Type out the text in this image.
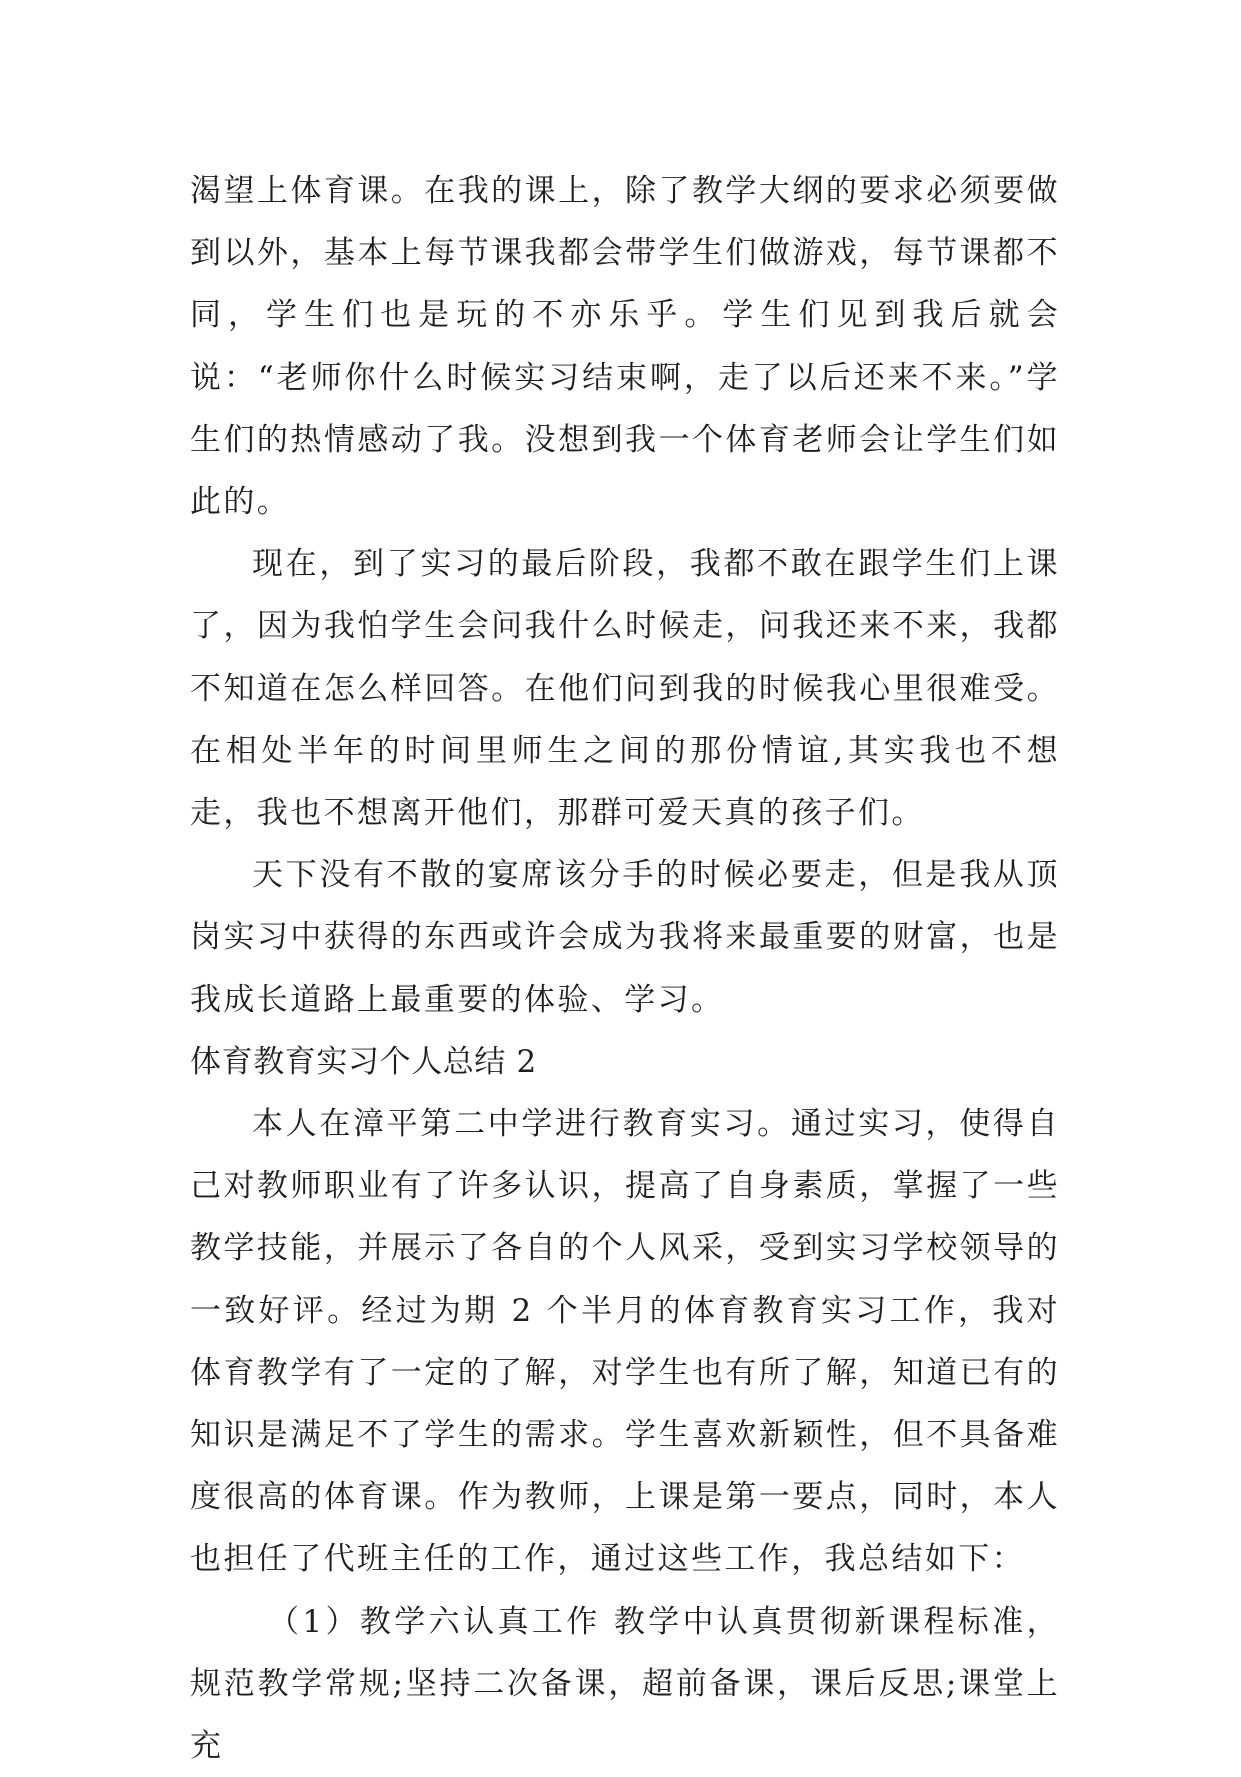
渴望上体育课。在我的课上，除了教学大纲的要求必须要做到以外，基本上每节课我都会带学生们做游戏，每节课都不同，学生们也是玩的不亦乐乎。学生们见到我后就会说：“老师你什么时候实习结束啊，走了以后还来不来。”学生们的热情感动了我。没想到我一个体育老师会让学生们如此的。

现在，到了实习的最后阶段，我都不敢在跟学生们上课了，因为我怕学生会问我什么时候走，问我还来不来，我都不知道在怎么样回答。在他们问到我的时候我心里很难受。在相处半年的时间里师生之间的那份情谊,其实我也不想走，我也不想离开他们，那群可爱天真的孩子们。

天下没有不散的宴席该分手的时候必要走，但是我从顶岗实习中获得的东西或许会成为我将来最重要的财富，也是我成长道路上最重要的体验、学习。

体育教育实习个人总结 2

本人在漳平第二中学进行教育实习。通过实习，使得自己对教师职业有了许多认识，提高了自身素质，掌握了一些教学技能，并展示了各自的个人风采，受到实习学校领导的一致好评。经过为期 2 个半月的体育教育实习工作，我对体育教学有了一定的了解，对学生也有所了解，知道已有的知识是满足不了学生的需求。学生喜欢新颖性，但不具备难度很高的体育课。作为教师，上课是第一要点，同时，本人也担任了代班主任的工作，通过这些工作，我总结如下：

（1）教学六认真工作 教学中认真贯彻新课程标准，规范教学常规;坚持二次备课，超前备课，课后反思;课堂上充
